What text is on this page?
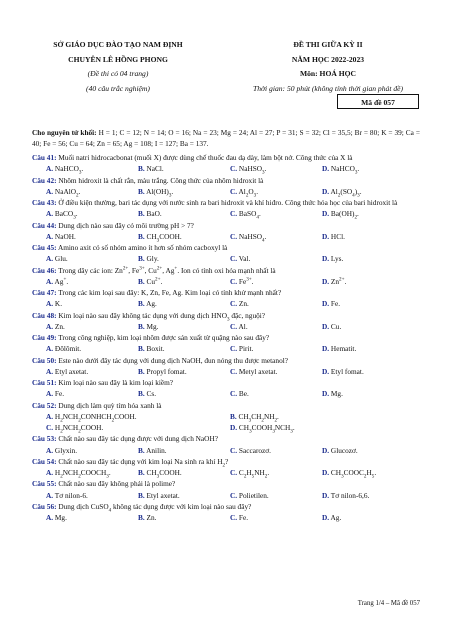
SỞ GIÁO DỤC ĐÀO TẠO NAM ĐỊNH
CHUYÊN LÊ HỒNG PHONG
(Đề thi có 04 trang)
(40 câu trắc nghiệm)
ĐỀ THI GIỮA KỲ II
NĂM HỌC 2022-2023
Môn: HOÁ HỌC
Thời gian: 50 phút (không tính thời gian phát đề)
Mã đề 057
Cho nguyên tử khối: H = 1; C = 12; N = 14; O = 16; Na = 23; Mg = 24; Al = 27; P = 31; S = 32; Cl = 35,5; Br = 80; K = 39; Ca = 40; Fe = 56; Cu = 64; Zn = 65; Ag = 108; I = 127; Ba = 137.
Câu 41: Muối natri hidrocacbonat (muối X) được dùng chế thuốc đau dạ dày, làm bột nở. Công thức của X là
A. NaHCO$_3$.	B. NaCl.	C. NaHSO$_3$.	D. NaHCO$_3$.
Câu 42: Nhôm hidroxit là chất rắn, màu trắng. Công thức của nhôm hidroxit là
A. NaAlO$_2$.	B. $Al(OH)_3$.	C. $Al_2O_3$.	D. $Al_2(SO_4)_3$.
Câu 43: Ở điều kiện thường, bari tác dụng với nước sinh ra bari hidroxit và khí hiđro. Công thức hóa học của bari hidroxit là
A. BaCO$_3$.	B. BaO.	C. BaSO$_4$.	D. $Ba(OH)_2$.
Câu 44: Dung dịch nào sau đây có môi trường pH > 7?
A. NaOH.	B. $CH_3COOH$.	C. NaHSO$_4$.	D. HCl.
Câu 45: Amino axit có số nhóm amino ít hơn số nhóm cacboxyl là
A. Glu.	B. Gly.	C. Val.	D. Lys.
Câu 46: Trong dãy các ion: $Zn^{2+}$, $Fe^{3+}$, $Cu^{2+}$, Ag+. Ion có tính oxi hóa mạnh nhất là
A. Ag+.	B. $Cu^{2+}$.	C. $Fe^{3+}$.	D. $Zn^{2+}$.
Câu 47: Trong các kim loại sau đây: K, Zn, Fe, Ag. Kim loại có tính khử mạnh nhất?
A. K.	B. Ag.	C. Zn.	D. Fe.
Câu 48: Kim loại nào sau đây không tác dụng với dung dịch $HNO_3$ đặc, nguội?
A. Zn.	B. Mg.	C. Al.	D. Cu.
Câu 49: Trong công nghiệp, kim loại nhôm được sản xuất từ quặng nào sau đây?
A. Đôlômit.	B. Boxit.	C. Pirit.	D. Hematit.
Câu 50: Este nào dưới đây tác dụng với dung dịch NaOH, đun nóng thu được metanol?
A. Etyl axetat.	B. Propyl fomat.	C. Metyl axetat.	D. Etyl fomat.
Câu 51: Kim loại nào sau đây là kim loại kiềm?
A. Fe.	B. Cs.	C. Be.	D. Mg.
Câu 52: Dung dịch làm quỳ tím hóa xanh là
A. $H_2NCH_2CONHCH_2COOH$.	B. $CH_3CH_2NH_2$.
C. $H_2NCH_2COOH$.	D. $CH_3COOH_3NCH_3$.
Câu 53: Chất nào sau đây tác dụng được với dung dịch NaOH?
A. Glyxin.	B. Anilin.	C. Saccarozơ.	D. Glucozơ.
Câu 54: Chất nào sau đây tác dụng với kim loại Na sinh ra khí $H_2$?
A. $H_2NCH_2COOCH_3$.	B. $CH_3COOH$.	C. $C_2H_5NH_2$.	D. $CH_3COOC_2H_5$.
Câu 55: Chất nào sau đây không phải là polime?
A. Tơ nilon-6.	B. Etyl axetat.	C. Polietilen.	D. Tơ nilon-6,6.
Câu 56: Dung dịch CuSO$_4$ không tác dụng được với kim loại nào sau đây?
A. Mg.	B. Zn.	C. Fe.	D. Ag.
Trang 1/4 – Mã đề 057
